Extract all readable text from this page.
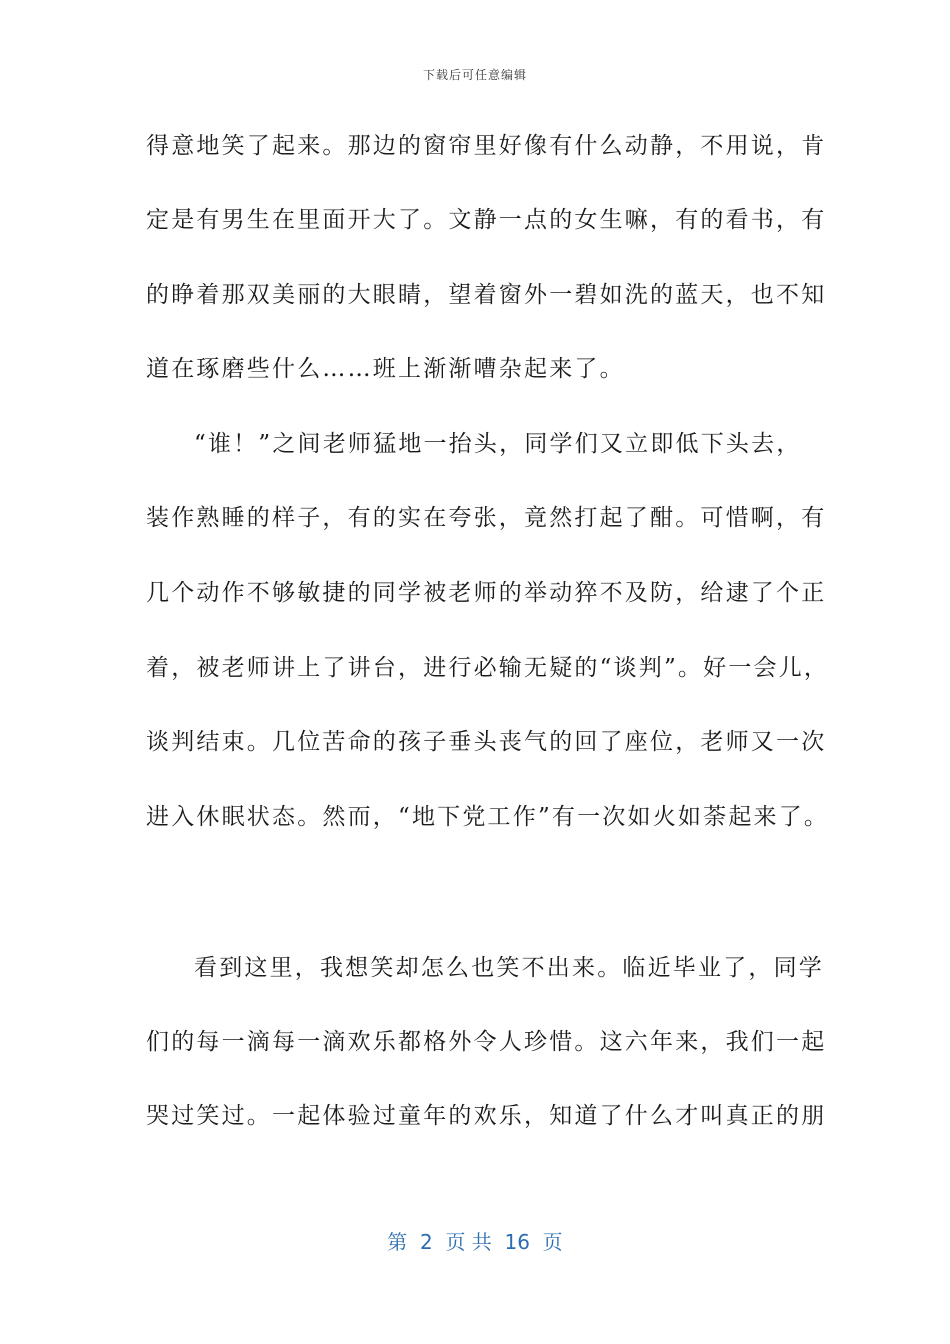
下载后可任意编辑
得意地笑了起来。那边的窗帘里好像有什么动静，不用说，肯
定是有男生在里面开大了。文静一点的女生嘛，有的看书，有
的睁着那双美丽的大眼睛，望着窗外一碧如洗的蓝天，也不知
道在琢磨些什么……班上渐渐嘈杂起来了。
“谁！”之间老师猛地一抬头，同学们又立即低下头去，
装作熟睡的样子，有的实在夸张，竟然打起了酣。可惜啊，有
几个动作不够敏捷的同学被老师的举动猝不及防，给逮了个正
着，被老师讲上了讲台，进行必输无疑的“谈判”。好一会儿，
谈判结束。几位苦命的孩子垂头丧气的回了座位，老师又一次
进入休眠状态。然而，“地下党工作”有一次如火如荼起来了。
看到这里，我想笑却怎么也笑不出来。临近毕业了，同学
们的每一滴每一滴欢乐都格外令人珍惜。这六年来，我们一起
哭过笑过。一起体验过童年的欢乐，知道了什么才叫真正的朋
第  2  页 共  16  页
